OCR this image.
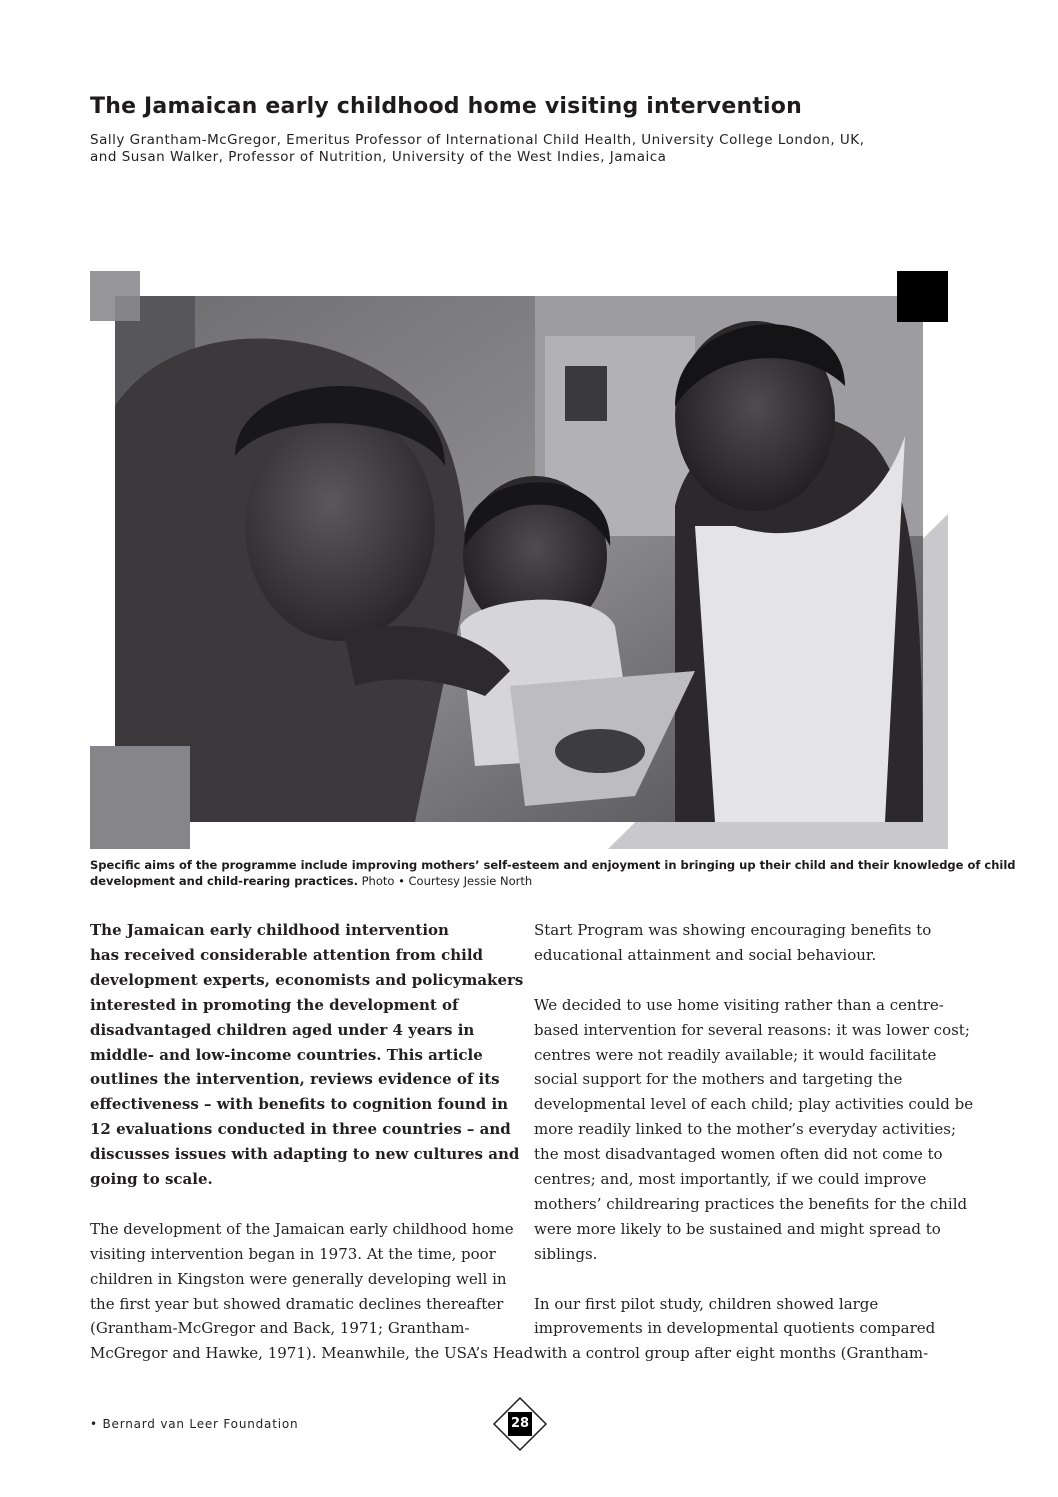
The Jamaican early childhood home visiting intervention
Sally Grantham-McGregor, Emeritus Professor of International Child Health, University College London, UK,
and Susan Walker, Professor of Nutrition, University of the West Indies, Jamaica
Specific aims of the programme include improving mothers’ self-esteem and enjoyment in bringing up their child and their knowledge of child
development and child-rearing practices. Photo • Courtesy Jessie North
The Jamaican early childhood intervention
has received considerable attention from child
development experts, economists and policymakers
interested in promoting the development of
disadvantaged children aged under 4 years in
middle- and low-income countries. This article
outlines the intervention, reviews evidence of its
effectiveness – with benefits to cognition found in
12 evaluations conducted in three countries – and
discusses issues with adapting to new cultures and
going to scale.
The development of the Jamaican early childhood home
visiting intervention began in 1973. At the time, poor
children in Kingston were generally developing well in
the first year but showed dramatic declines thereafter
(Grantham-McGregor and Back, 1971; Grantham-
McGregor and Hawke, 1971). Meanwhile, the USA’s Head
Start Program was showing encouraging benefits to
educational attainment and social behaviour.
We decided to use home visiting rather than a centre-
based intervention for several reasons: it was lower cost;
centres were not readily available; it would facilitate
social support for the mothers and targeting the
developmental level of each child; play activities could be
more readily linked to the mother’s everyday activities;
the most disadvantaged women often did not come to
centres; and, most importantly, if we could improve
mothers’ childrearing practices the benefits for the child
were more likely to be sustained and might spread to
siblings.
In our first pilot study, children showed large
improvements in developmental quotients compared
with a control group after eight months (Grantham-
• Bernard van Leer Foundation	28
